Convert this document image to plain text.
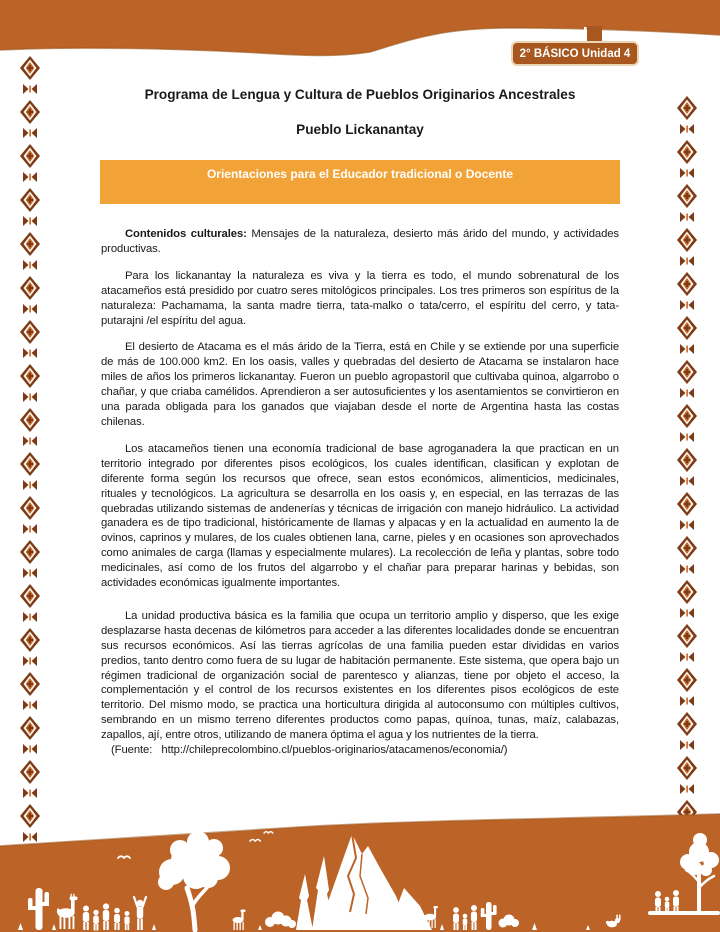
2° BÁSICO Unidad 4
Programa de Lengua y Cultura de Pueblos Originarios Ancestrales
Pueblo Lickanantay

Orientaciones para el Educador tradicional o Docente

Contenidos culturales: Mensajes de la naturaleza, desierto más árido del mundo, y actividades productivas.

Para los lickanantay la naturaleza es viva y la tierra es todo, el mundo sobrenatural de los atacameños está presidido por cuatro seres mitológicos principales. Los tres primeros son espíritus de la naturaleza: Pachamama, la santa madre tierra, tata-malko o tata/cerro, el espíritu del cerro, y tata-putarajni /el espíritu del agua.

El desierto de Atacama es el más árido de la Tierra, está en Chile y se extiende por una superficie de más de 100.000 km2. En los oasis, valles y quebradas del desierto de Atacama se instalaron hace miles de años los primeros lickanantay. Fueron un pueblo agropastoril que cultivaba quinoa, algarrobo o chañar, y que criaba camélidos. Aprendieron a ser autosuficientes y los asentamientos se convirtieron en una parada obligada para los ganados que viajaban desde el norte de Argentina hasta las costas chilenas.

Los atacameños tienen una economía tradicional de base agroganadera la que practican en un territorio integrado por diferentes pisos ecológicos, los cuales identifican, clasifican y explotan de diferente forma según los recursos que ofrece, sean estos económicos, alimenticios, medicinales, rituales y tecnológicos. La agricultura se desarrolla en los oasis y, en especial, en las terrazas de las quebradas utilizando sistemas de andenerías y técnicas de irrigación con manejo hidráulico. La actividad ganadera es de tipo tradicional, históricamente de llamas y alpacas y en la actualidad en aumento la de ovinos, caprinos y mulares, de los cuales obtienen lana, carne, pieles y en ocasiones son aprovechados como animales de carga (llamas y especialmente mulares). La recolección de leña y plantas, sobre todo medicinales, así como de los frutos del algarrobo y el chañar para preparar harinas y bebidas, son actividades económicas igualmente importantes.

La unidad productiva básica es la familia que ocupa un territorio amplio y disperso, que les exige desplazarse hasta decenas de kilómetros para acceder a las diferentes localidades donde se encuentran sus recursos económicos. Así las tierras agrícolas de una familia pueden estar divididas en varios predios, tanto dentro como fuera de su lugar de habitación permanente. Este sistema, que opera bajo un régimen tradicional de organización social de parentesco y alianzas, tiene por objeto el acceso, la complementación y el control de los recursos existentes en los diferentes pisos ecológicos de este territorio. Del mismo modo, se practica una horticultura dirigida al autoconsumo con múltiples cultivos, sembrando en un mismo terreno diferentes productos como papas, quínoa, tunas, maíz, calabazas, zapallos, ají, entre otros, utilizando de manera óptima el agua y los nutrientes de la tierra.

(Fuente:   http://chileprecolombino.cl/pueblos-originarios/atacamenos/economia/)
